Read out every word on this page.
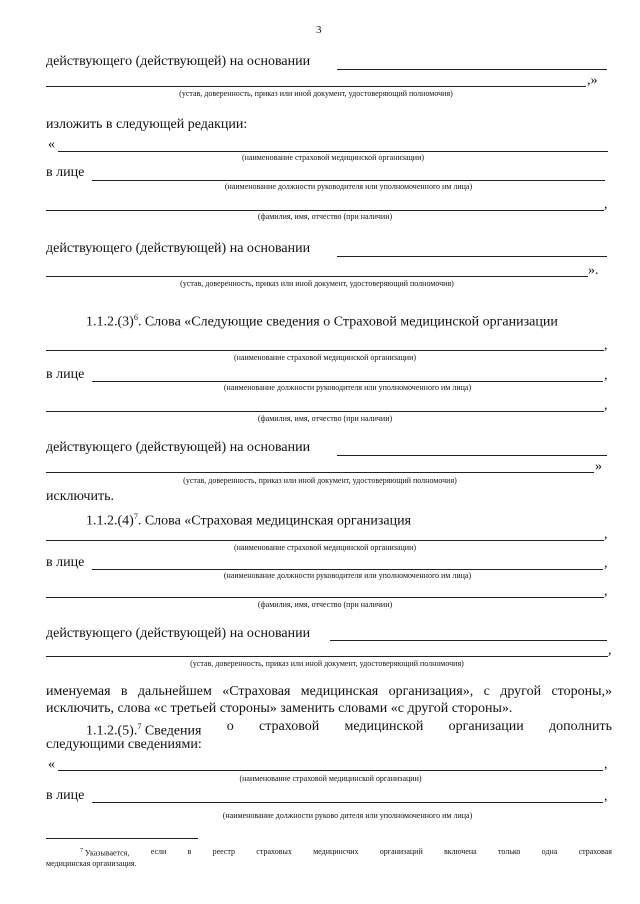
3
действующего (действующей) на основании
,»
(устав, доверенность, приказ или иной документ, удостоверяющий полномочия)
изложить в следующей редакции:
«
(наименование страховой медицинской организации)
в лице
(наименование должности руководителя или уполномоченного им лица)
,
(фамилия, имя, отчество (при наличии)
действующего (действующей) на основании
».
(устав, доверенность, приказ или иной документ, удостоверяющий полномочия)
$1.1.2.(3)^6$. Слова «Следующие сведения о Страховой медицинской организации
,
(наименование страховой медицинской организации)
в лице	,
(наименование должности руководителя или уполномоченного им лица)
,
(фамилия, имя, отчество (при наличии)
действующего (действующей) на основании
»
(устав, доверенность, приказ или иной документ, удостоверяющий полномочия)
исключить.
$1.1.2.(4)^7$. Слова «Страховая медицинская организация
,
(наименование страховой медицинской организации)
в лице	,
(наименование должности руководителя или уполномоченного им лица)
,
(фамилия, имя, отчество (при наличии)
действующего (действующей) на основании
,
(устав, доверенность, приказ или иной документ, удостоверяющий полномочия)
именуемая в дальнейшем «Страховая медицинская организация», с другой стороны,»
исключить, слова «с третьей стороны» заменить словами «с другой стороны».
1.1.2.(5).$^7$ Сведения о страховой медицинской организации дополнить
следующими сведениями:
«	,
(наименование страховой медицинской организации)
в лице	,
(наименование должности руково дителя или уполномоченного им лица)
$^7$ Указывается,	если	в	реестр	страховых	медицинсчих	организаций	включена	только	одна	страховая
медицинская организация.
